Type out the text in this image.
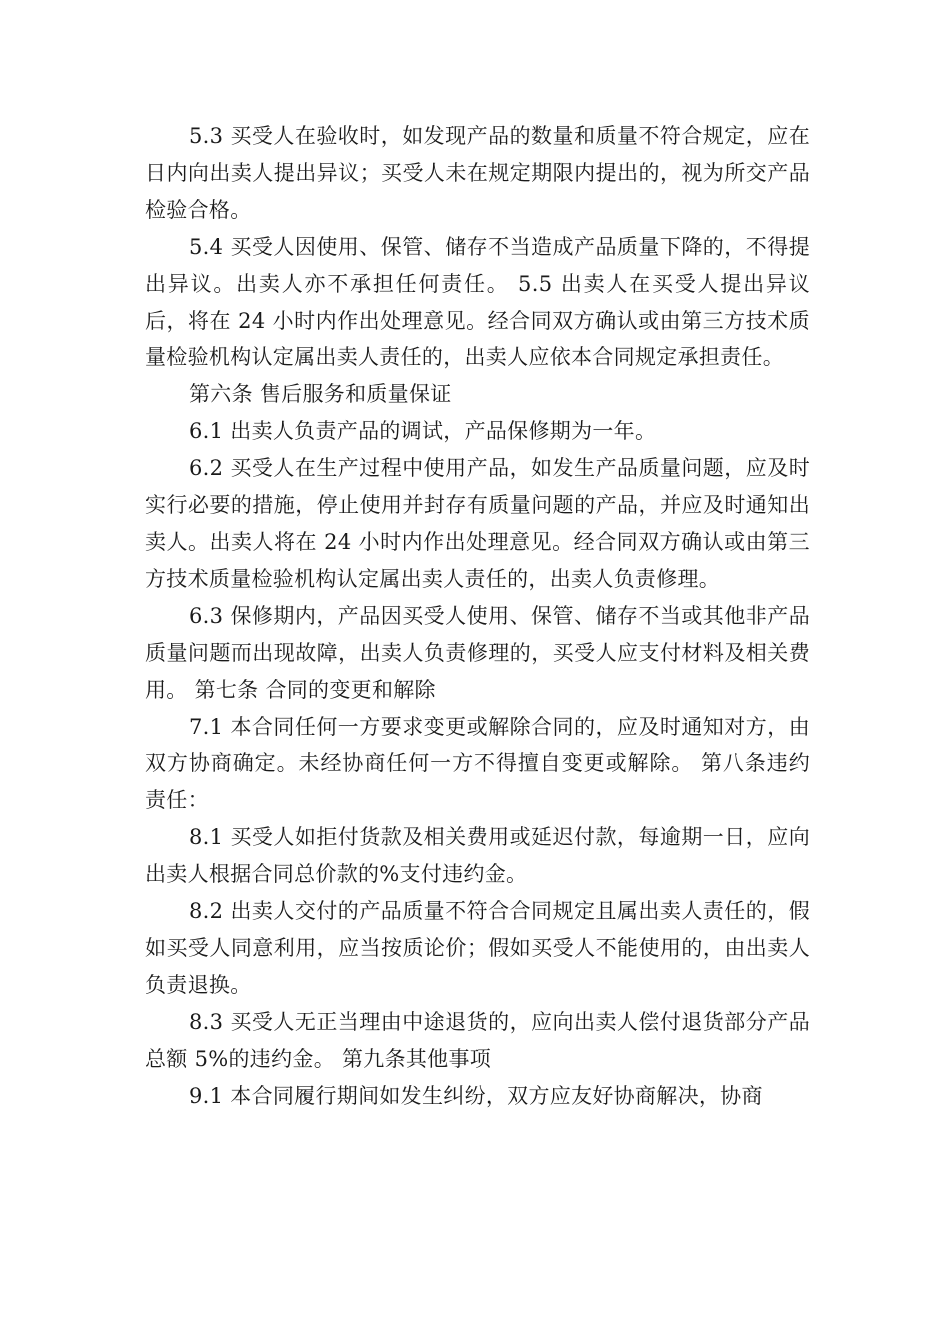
5.3 买受人在验收时，如发现产品的数量和质量不符合规定，应在日内向出卖人提出异议；买受人未在规定期限内提出的，视为所交产品检验合格。

5.4 买受人因使用、保管、储存不当造成产品质量下降的，不得提出异议。出卖人亦不承担任何责任。 5.5 出卖人在买受人提出异议后，将在 24 小时内作出处理意见。经合同双方确认或由第三方技术质量检验机构认定属出卖人责任的，出卖人应依本合同规定承担责任。

第六条 售后服务和质量保证

6.1 出卖人负责产品的调试，产品保修期为一年。

6.2 买受人在生产过程中使用产品，如发生产品质量问题，应及时实行必要的措施，停止使用并封存有质量问题的产品，并应及时通知出卖人。出卖人将在 24 小时内作出处理意见。经合同双方确认或由第三方技术质量检验机构认定属出卖人责任的，出卖人负责修理。

6.3 保修期内，产品因买受人使用、保管、储存不当或其他非产品质量问题而出现故障，出卖人负责修理的，买受人应支付材料及相关费用。 第七条 合同的变更和解除

7.1 本合同任何一方要求变更或解除合同的，应及时通知对方，由双方协商确定。未经协商任何一方不得擅自变更或解除。 第八条违约责任：

8.1 买受人如拒付货款及相关费用或延迟付款，每逾期一日，应向出卖人根据合同总价款的%支付违约金。

8.2 出卖人交付的产品质量不符合合同规定且属出卖人责任的，假如买受人同意利用，应当按质论价；假如买受人不能使用的，由出卖人负责退换。

8.3 买受人无正当理由中途退货的，应向出卖人偿付退货部分产品总额 5%的违约金。 第九条其他事项

9.1 本合同履行期间如发生纠纷，双方应友好协商解决，协商
